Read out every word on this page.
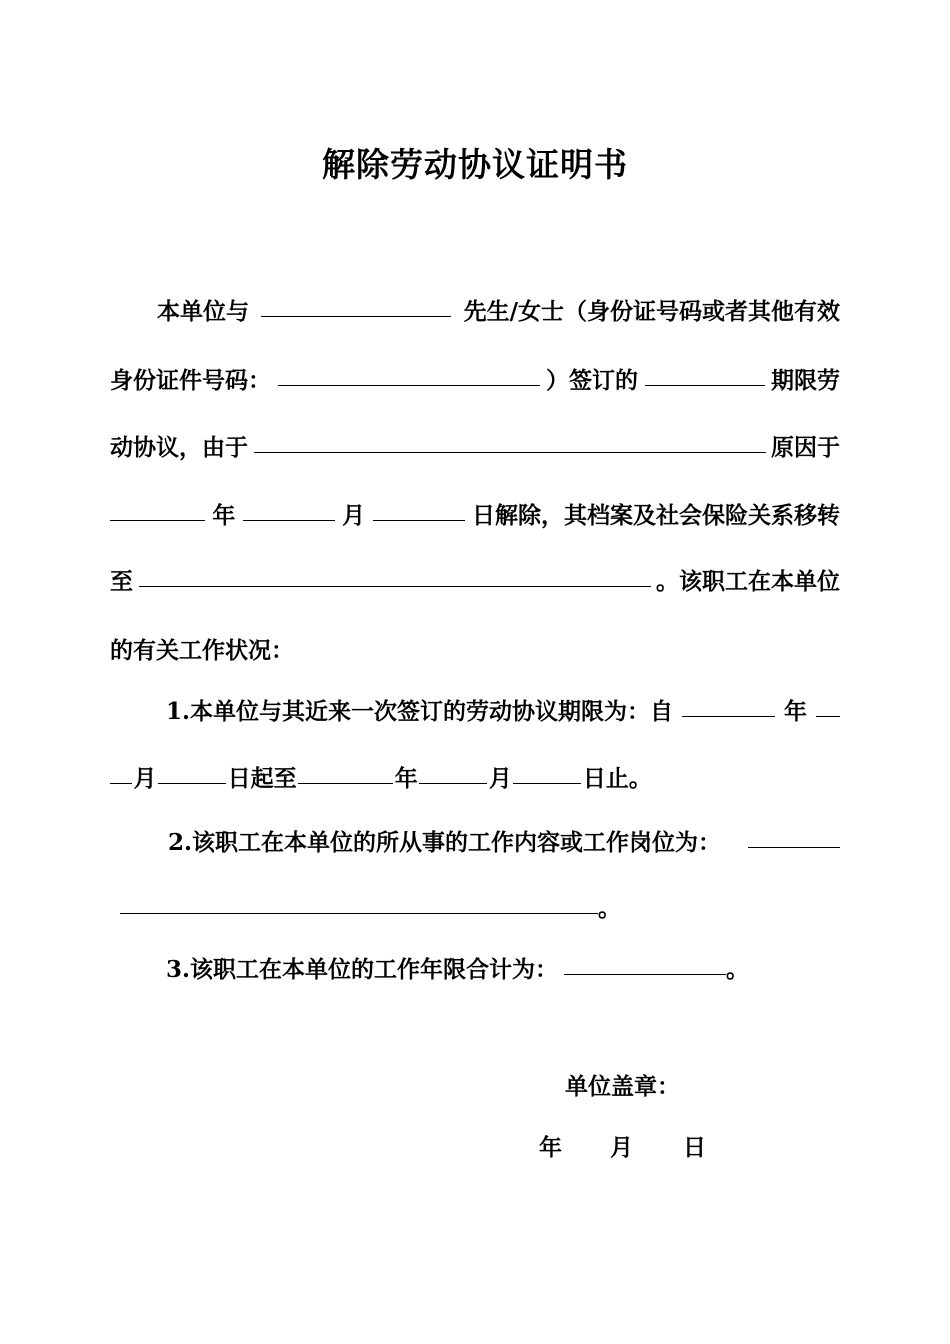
解除劳动协议证明书
本单位与	先生/女士（身份证号码或者其他有效
身份证件号码：	）签订的	期限劳
动协议，由于	原因于
年	月	日解除，其档案及社会保险关系移转
至	。该职工在本单位
的有关工作状况：
1.本单位与其近来一次签订的劳动协议期限为：自	年
月	日起至	年	月	日止。
2.该职工在本单位的所从事的工作内容或工作岗位为：
。
3.该职工在本单位的工作年限合计为：	。
单位盖章：
年 月 日
